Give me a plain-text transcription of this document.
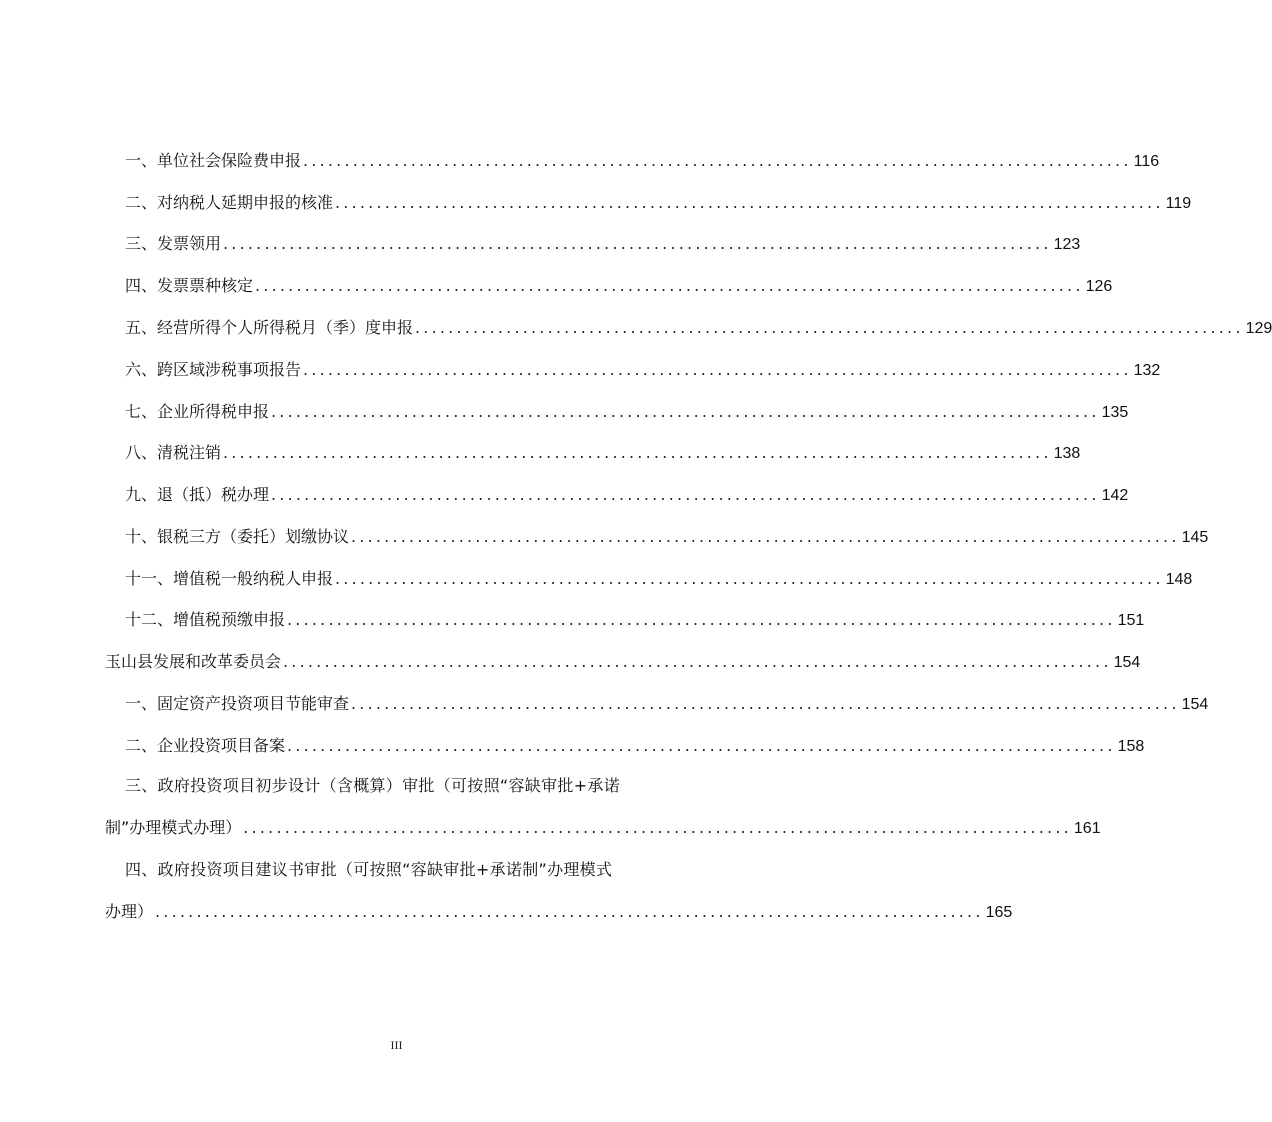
一、单位社会保险费申报 .................................................................................................... 116
二、对纳税人延期申报的核准 .................................................................................................... 119
三、发票领用 .................................................................................................... 123
四、发票票种核定 .................................................................................................... 126
五、经营所得个人所得税月（季）度申报 .................................................................................................... 129
六、跨区域涉税事项报告 .................................................................................................... 132
七、企业所得税申报 .................................................................................................... 135
八、清税注销 .................................................................................................... 138
九、退（抵）税办理 .................................................................................................... 142
十、银税三方（委托）划缴协议 .................................................................................................... 145
十一、增值税一般纳税人申报 .................................................................................................... 148
十二、增值税预缴申报 .................................................................................................... 151
玉山县发展和改革委员会 .................................................................................................... 154
一、固定资产投资项目节能审查 .................................................................................................... 154
二、企业投资项目备案 .................................................................................................... 158
三、政府投资项目初步设计（含概算）审批（可按照“容缺审批+承诺
制”办理模式办理） .................................................................................................... 161
四、政府投资项目建议书审批（可按照“容缺审批+承诺制”办理模式
办理） .................................................................................................... 165
III
